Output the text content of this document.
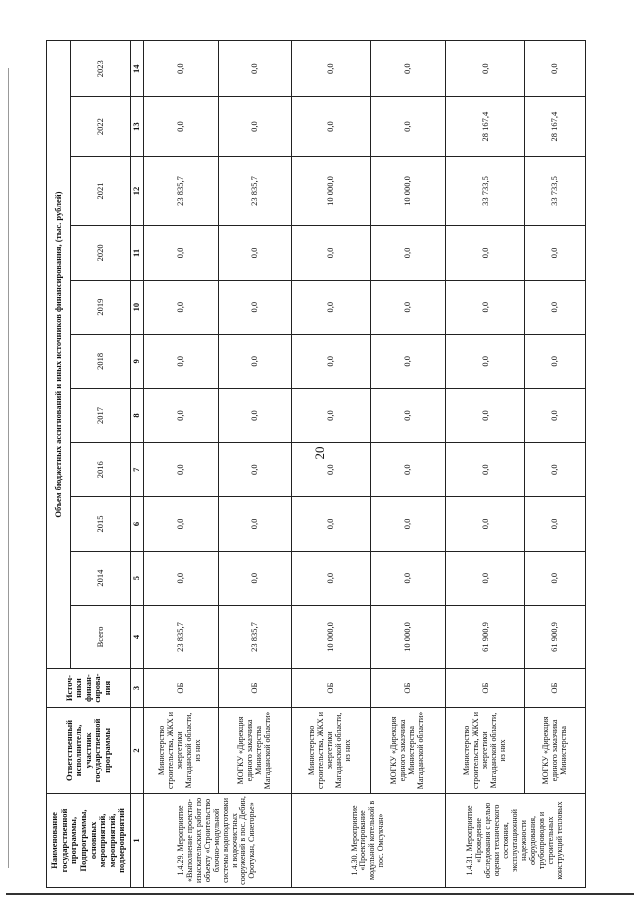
20
Наименование государственной программы, Подпрограммы, основных мероприятий, мероприятий, подмероприятий	Ответственный исполнитель, участник государственной программы	Источ-ники финан-сирова-ния	Объем бюджетных ассигнований и иных источников финансирования, (тыс. рублей)										
			Всего	2014	2015	2016	2017	2018	2019	2020	2021	2022	2023
1	2	3	4	5	6	7	8	9	10	11	12	13	14
1.4.29. Мероприятие «Выполнение проектно-изыскательских работ по объекту «Строительство блочно-модульной системы водоподготовки и водоочистных сооружений в пос. Дебин, Оротукан, Синегорье»	Министерство строительства, ЖКХ и энергетики Магаданской области, из них	ОБ	23 835,7	0,0	0,0	0,0	0,0	0,0	0,0	0,0	23 835,7	0,0	0,0
	МОГКУ «Дирекция единого заказчика Министерства Магаданской области»	ОБ	23 835,7	0,0	0,0	0,0	0,0	0,0	0,0	0,0	23 835,7	0,0	0,0
1.4.30. Мероприятие «Проектирование модульной котельной в пос. Омсукчан»	Министерство строительства, ЖКХ и энергетики Магаданской области, из них	ОБ	10 000,0	0,0	0,0	0,0	0,0	0,0	0,0	0,0	10 000,0	0,0	0,0
	МОГКУ «Дирекция единого заказчика Министерства Магаданской области»	ОБ	10 000,0	0,0	0,0	0,0	0,0	0,0	0,0	0,0	10 000,0	0,0	0,0
1.4.31. Мероприятие «Проведение обследования с целью оценки технического состояния, эксплуатационной надежности оборудования, трубопроводов и строительных конструкций тепловых	Министерство строительства, ЖКХ и энергетики Магаданской области, из них	ОБ	61 900,9	0,0	0,0	0,0	0,0	0,0	0,0	0,0	33 733,5	28 167,4	0,0
	МОГКУ «Дирекция единого заказчика Министерства	ОБ	61 900,9	0,0	0,0	0,0	0,0	0,0	0,0	0,0	33 733,5	28 167,4	0,0
